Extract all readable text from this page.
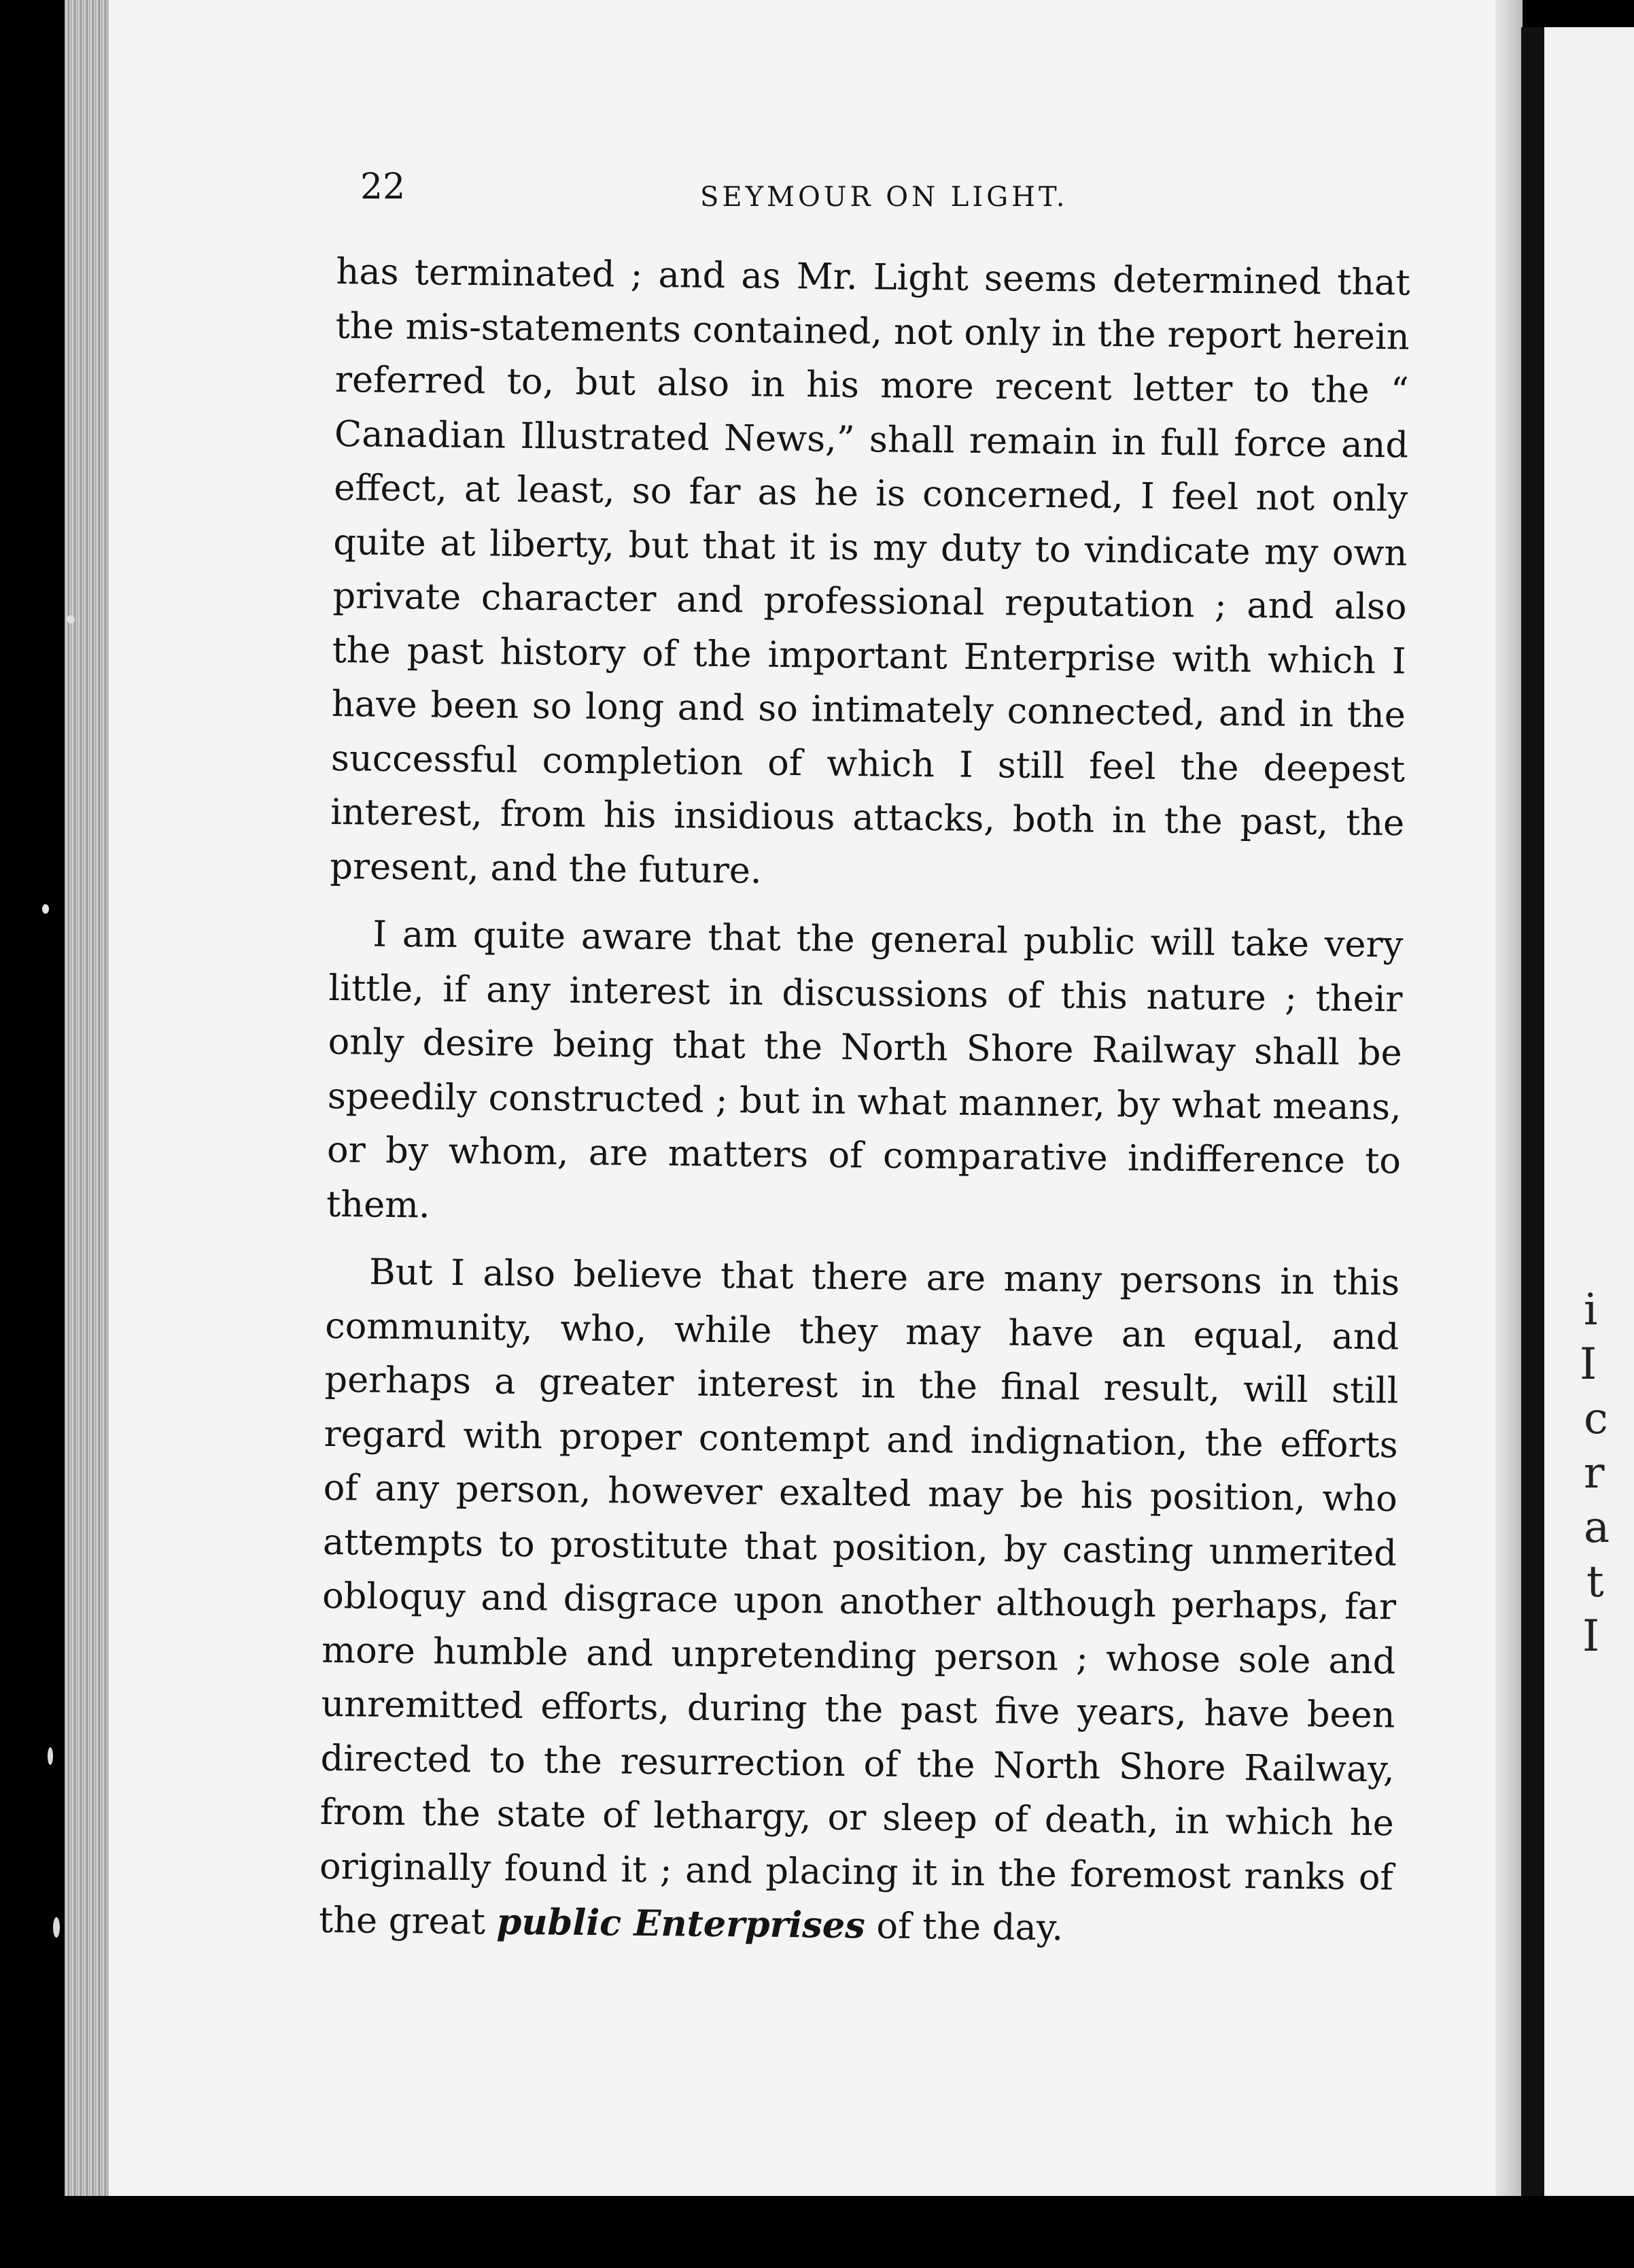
i
I
c
r
a
t
I
22	SEYMOUR ON LIGHT.

has terminated ; and as Mr. Light seems determined that the mis-statements contained, not only in the report herein referred to, but also in his more recent letter to the “ Canadian Illustrated News,” shall remain in full force and effect, at least, so far as he is concerned, I feel not only quite at liberty, but that it is my duty to vindicate my own private character and professional reputation ; and also the past history of the important Enterprise with which I have been so long and so intimately connected, and in the successful completion of which I still feel the deepest interest, from his insidious attacks, both in the past, the present, and the future.

I am quite aware that the general public will take very little, if any interest in discussions of this nature ; their only desire being that the North Shore Railway shall be speedily constructed ; but in what manner, by what means, or by whom, are matters of comparative indifference to them.

But I also believe that there are many persons in this community, who, while they may have an equal, and perhaps a greater interest in the final result, will still regard with proper contempt and indignation, the efforts of any person, however exalted may be his position, who attempts to prostitute that position, by casting unmerited obloquy and disgrace upon another although perhaps, far more humble and unpretending person ; whose sole and unremitted efforts, during the past five years, have been directed to the resurrection of the North Shore Railway, from the state of lethargy, or sleep of death, in which he originally found it ; and placing it in the foremost ranks of the great public Enterprises of the day.
